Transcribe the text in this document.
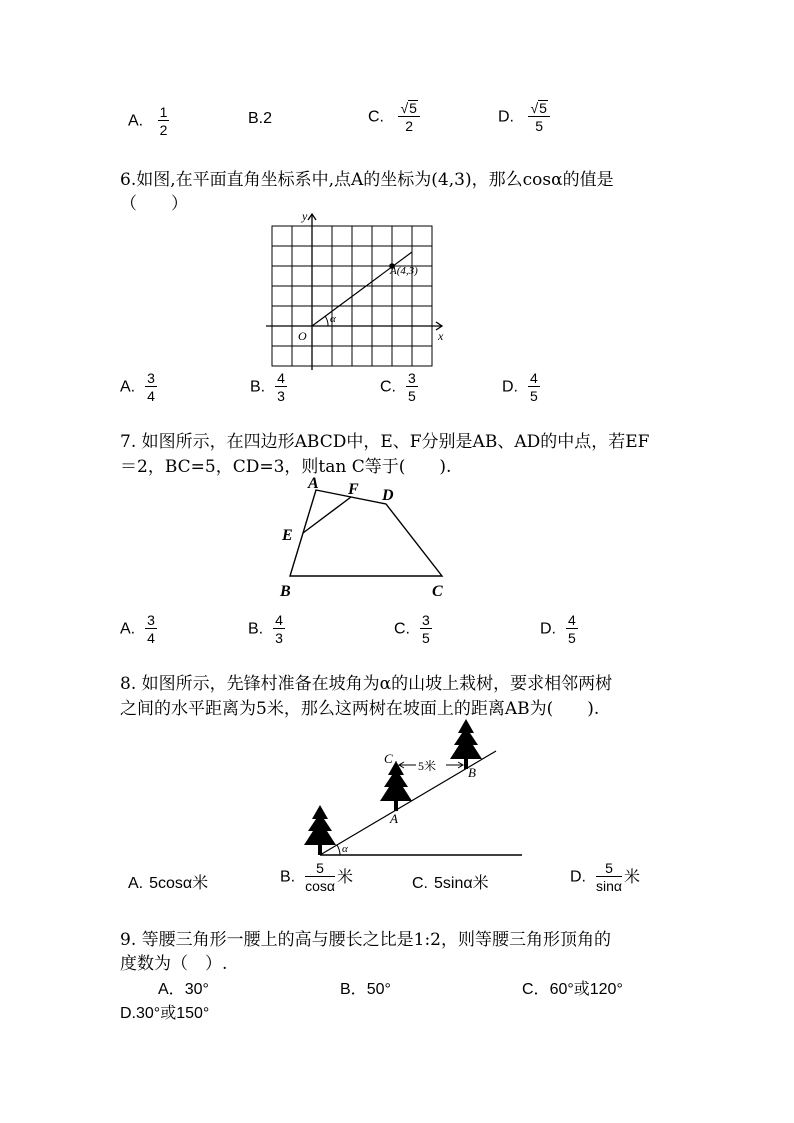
A. $\frac{1}{2}$	B.2	C. $\frac{√5}{2}$	D. $\frac{√5}{5}$
6.如图,在平面直角坐标系中,点A的坐标为(4,3)，那么cosα的值是
（　　）
y
x
O
A(4,3)
α
A. $\frac{3}{4}$	B. $\frac{4}{3}$	C. $\frac{3}{5}$	D. $\frac{4}{5}$
7. 如图所示，在四边形ABCD中，E、F分别是AB、AD的中点，若EF
＝2，BC=5，CD=3，则tan C等于(　　).
A F D
E
B	C
A. $\frac{3}{4}$	B. $\frac{4}{3}$	C. $\frac{3}{5}$	D. $\frac{4}{5}$
8. 如图所示，先锋村准备在坡角为α的山坡上栽树，要求相邻两树
之间的水平距离为5米，那么这两树在坡面上的距离AB为(　　).
5米
C
A
B
α
A. 5cosα米	B. $\frac{5}{\cos\alpha}$ 米	C. 5sinα米	D. $\frac{5}{\sin\alpha}$ 米
9. 等腰三角形一腰上的高与腰长之比是1:2，则等腰三角形顶角的
度数为（　）.
A．30°	B．50°	C．60°或120°
D.30°或150°
